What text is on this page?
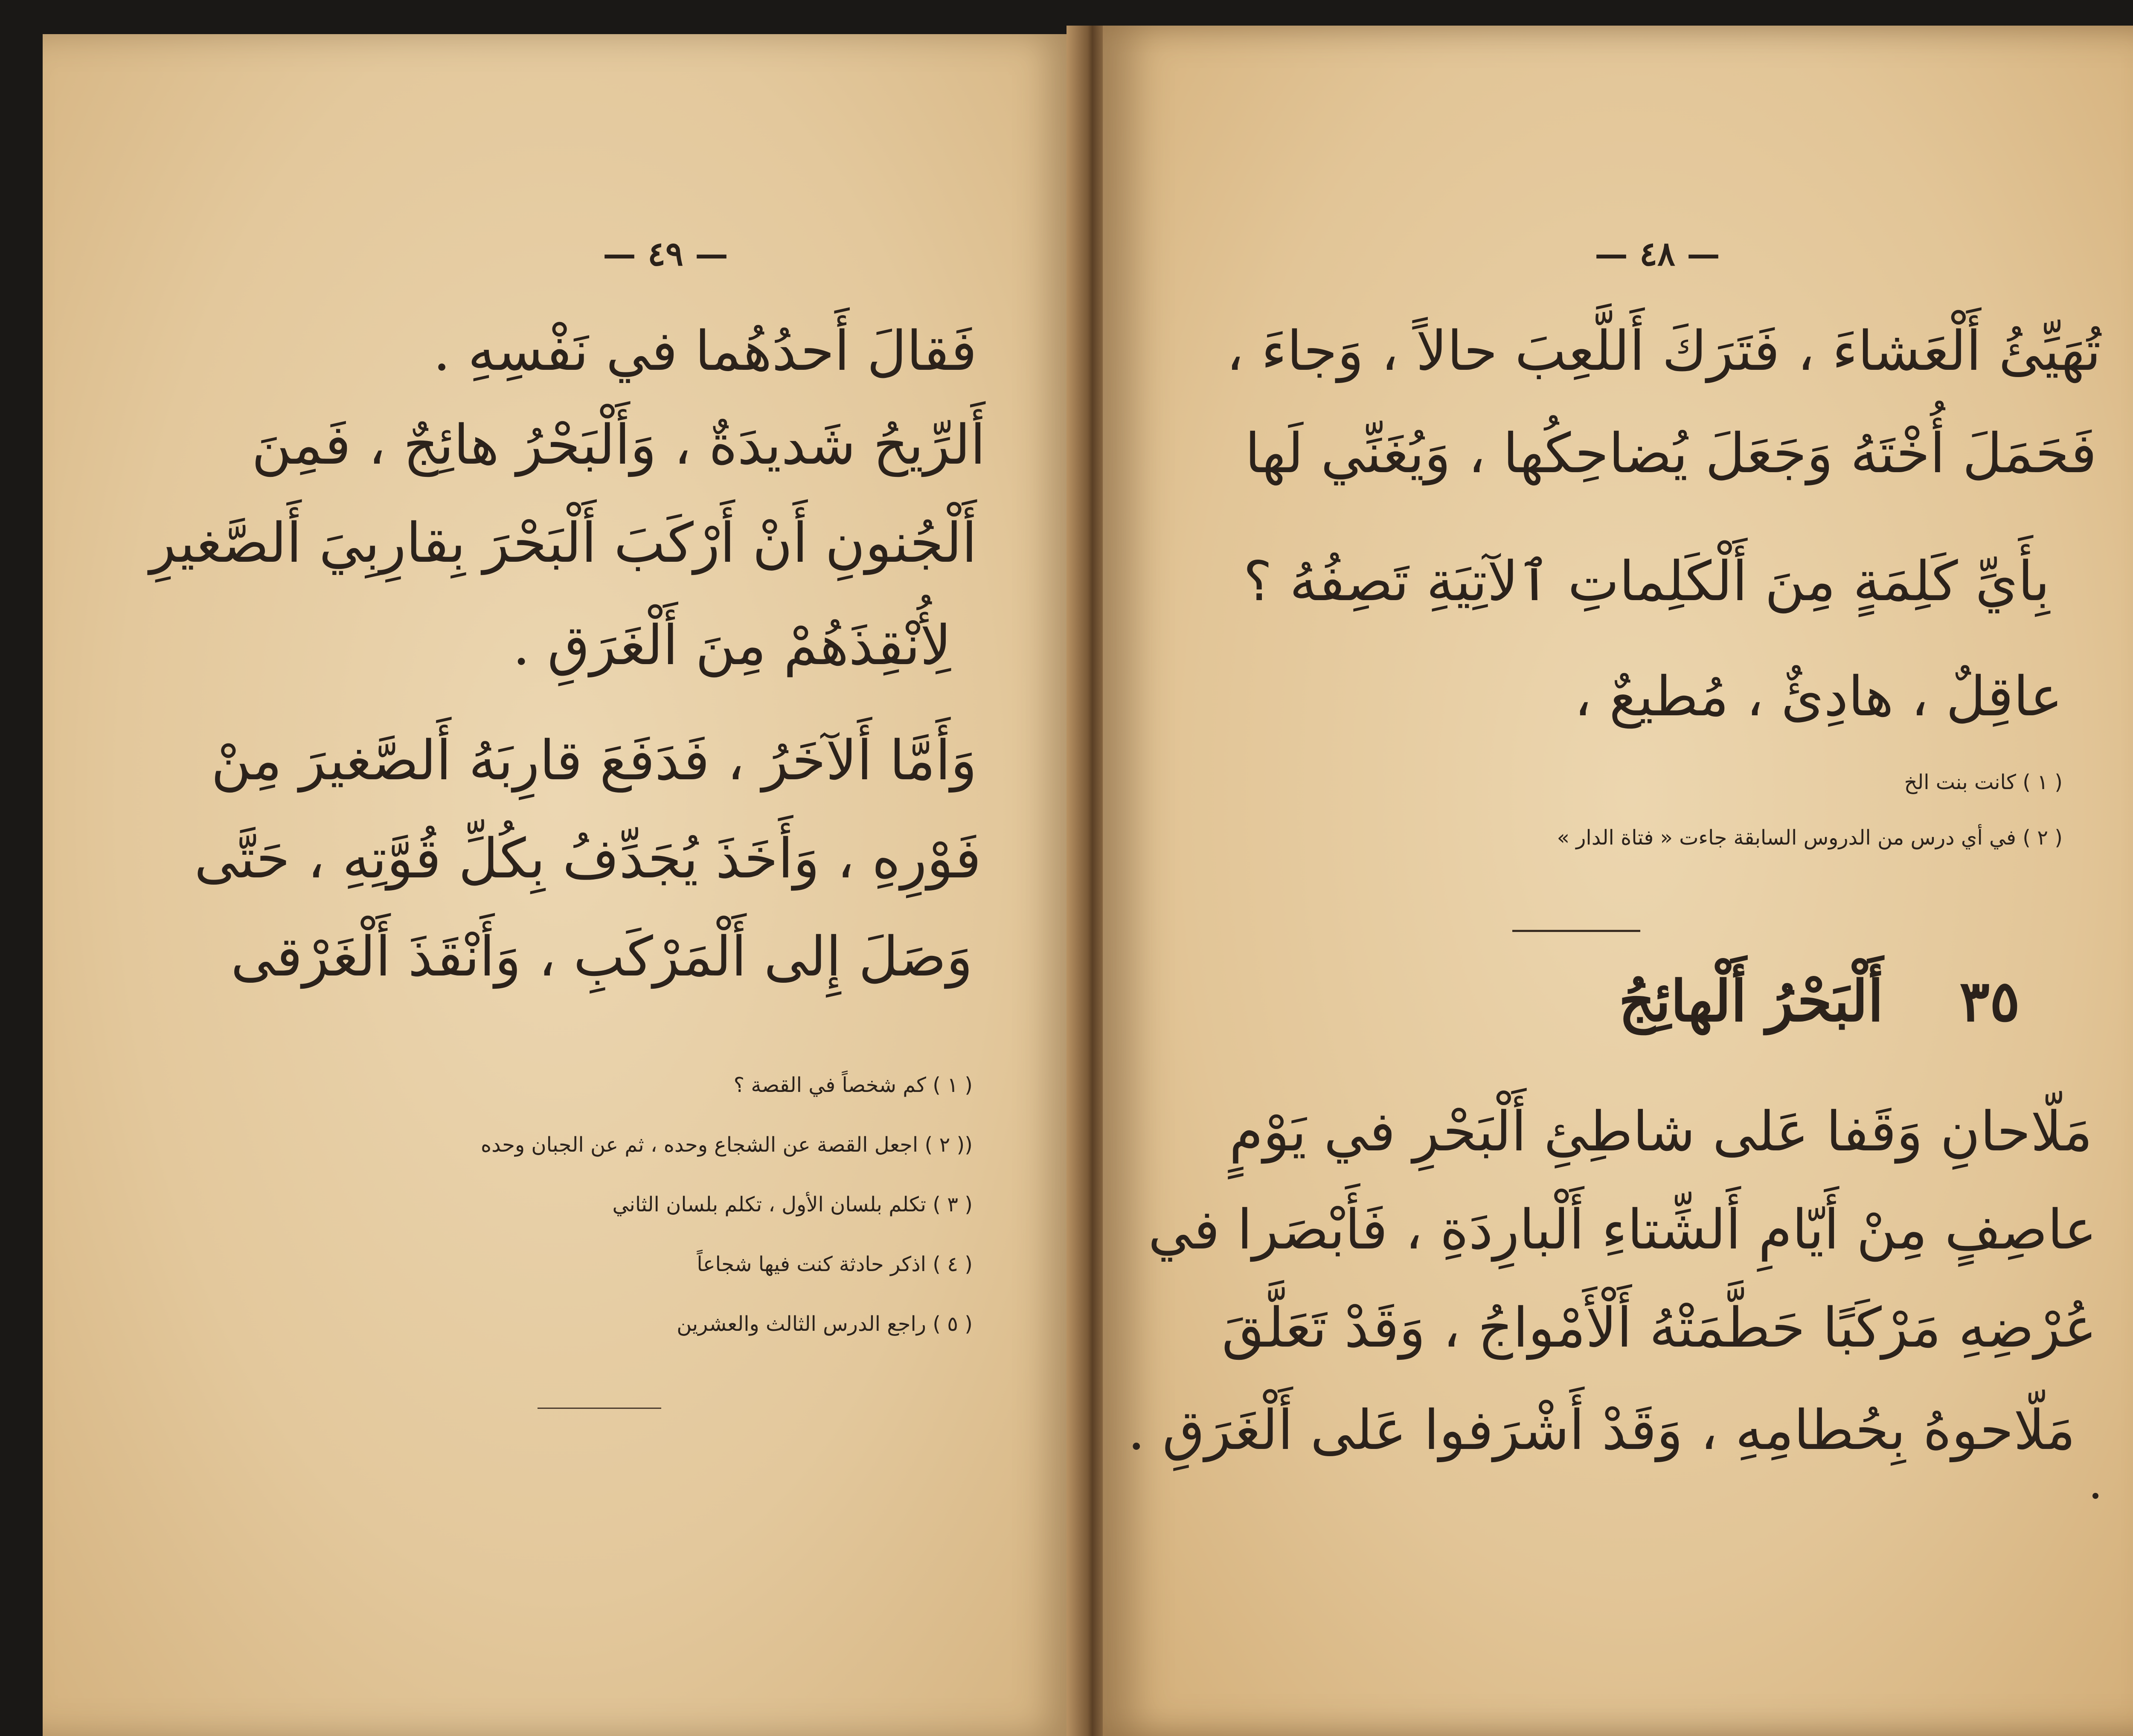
— ٤٩ —
فَقالَ أَحدُهُما في نَفْسِهِ .
أَلرِّيحُ شَديدَةٌ ، وَأَلْبَحْرُ هائِجٌ ، فَمِنَ
أَلْجُنونِ أَنْ أَرْكَبَ أَلْبَحْرَ بِقارِبِيَ أَلصَّغيرِ
لِأُنْقِذَهُمْ مِنَ أَلْغَرَقِ .
وَأَمَّا أَلآخَرُ ، فَدَفَعَ قارِبَهُ أَلصَّغيرَ مِنْ
فَوْرِهِ ، وَأَخَذَ يُجَدِّفُ بِكُلِّ قُوَّتِهِ ، حَتَّى
وَصَلَ إِلى أَلْمَرْكَبِ ، وَأَنْقَذَ أَلْغَرْقى
( ١ ) كم شخصاً في القصة ؟
(( ٢ ) اجعل القصة عن الشجاع وحده ، ثم عن الجبان وحده
( ٣ ) تكلم بلسان الأول ، تكلم بلسان الثاني
( ٤ ) اذكر حادثة كنت فيها شجاعاً
( ٥ ) راجع الدرس الثالث والعشرين
— ٤٨ —
تُهَيِّئُ أَلْعَشاءَ ، فَتَرَكَ أَللَّعِبَ حالاً ، وَجاءَ ،
فَحَمَلَ أُخْتَهُ وَجَعَلَ يُضاحِكُها ، وَيُغَنِّي لَها
بِأَيِّ كَلِمَةٍ مِنَ أَلْكَلِماتِ ٱلآتِيَةِ تَصِفُهُ ؟
عاقِلٌ ، هادِئٌ ، مُطيعٌ ،
( ١ ) كانت بنت الخ
( ٢ ) في أي درس من الدروس السابقة جاءت « فتاة الدار »
٣٥
أَلْبَحْرُ أَلْهائِجُ
مَلّاحانِ وَقَفا عَلى شاطِئِ أَلْبَحْرِ في يَوْمٍ
عاصِفٍ مِنْ أَيّامِ أَلشِّتاءِ أَلْبارِدَةِ ، فَأَبْصَرا في
عُرْضِهِ مَرْكَبًا حَطَّمَتْهُ أَلْأَمْواجُ ، وَقَدْ تَعَلَّقَ
مَلّاحوهُ بِحُطامِهِ ، وَقَدْ أَشْرَفوا عَلى أَلْغَرَقِ .
